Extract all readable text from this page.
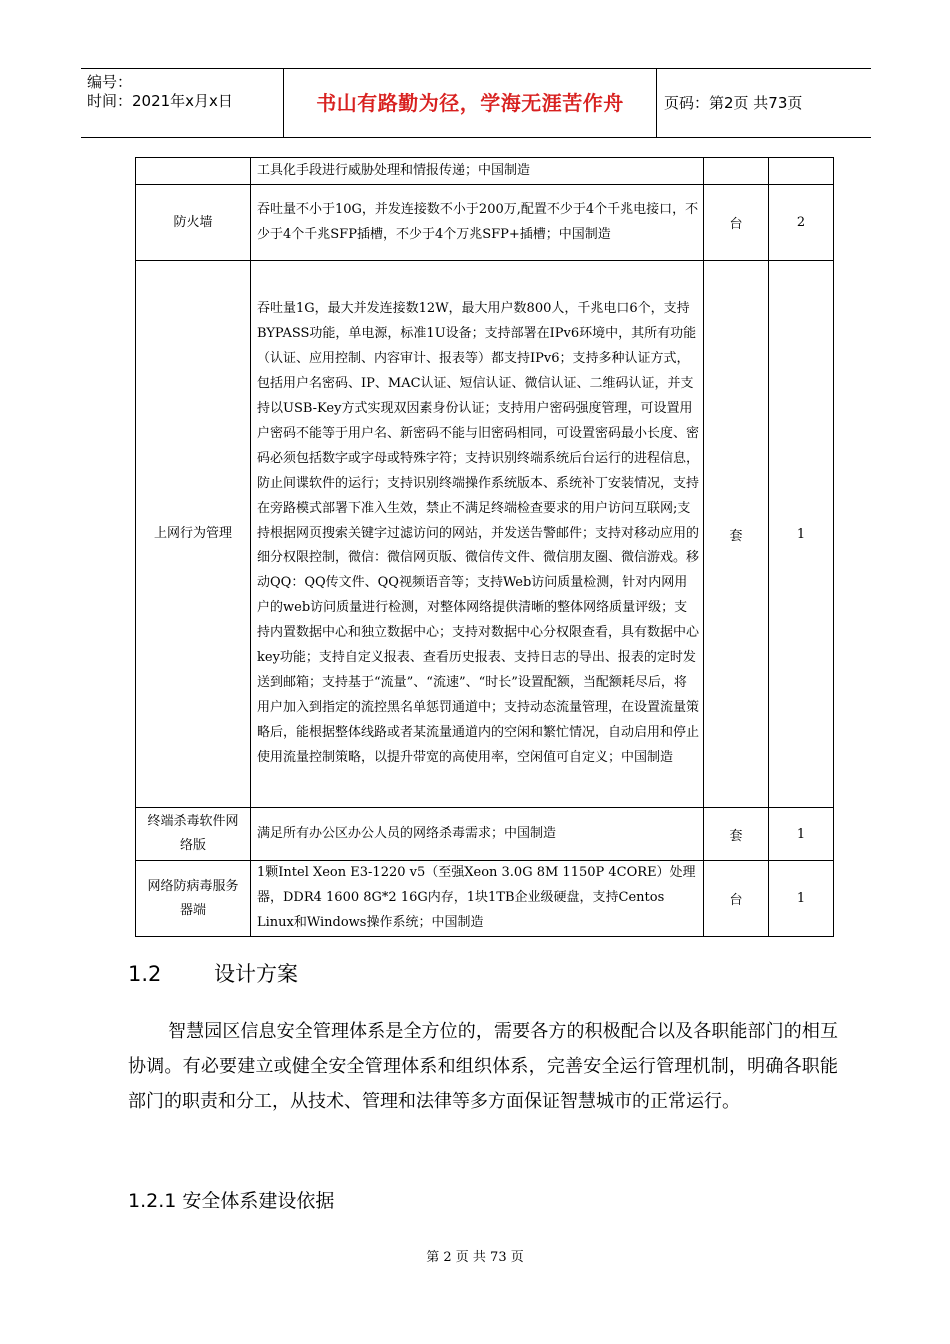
编号：
时间：2021年x月x日	书山有路勤为径，学海无涯苦作舟	页码：第2页 共73页
	工具化手段进行威胁处理和情报传递；中国制造		
防火墙	吞吐量不小于10G，并发连接数不小于200万,配置不少于4个千兆电接口，不少于4个千兆SFP插槽，不少于4个万兆SFP+插槽；中国制造	台	2
上网行为管理	吞吐量1G，最大并发连接数12W，最大用户数800人，千兆电口6个，支持BYPASS功能，单电源，标准1U设备；支持部署在IPv6环境中，其所有功能（认证、应用控制、内容审计、报表等）都支持IPv6；支持多种认证方式，包括用户名密码、IP、MAC认证、短信认证、微信认证、二维码认证，并支持以USB-Key方式实现双因素身份认证；支持用户密码强度管理，可设置用户密码不能等于用户名、新密码不能与旧密码相同，可设置密码最小长度、密码必须包括数字或字母或特殊字符；支持识别终端系统后台运行的进程信息，防止间谍软件的运行；支持识别终端操作系统版本、系统补丁安装情况，支持在旁路模式部署下准入生效，禁止不满足终端检查要求的用户访问互联网;支持根据网页搜索关键字过滤访问的网站，并发送告警邮件；支持对移动应用的细分权限控制，微信：微信网页版、微信传文件、微信朋友圈、微信游戏。移动QQ：QQ传文件、QQ视频语音等；支持Web访问质量检测，针对内网用户的web访问质量进行检测，对整体网络提供清晰的整体网络质量评级；支持内置数据中心和独立数据中心；支持对数据中心分权限查看，具有数据中心key功能；支持自定义报表、查看历史报表、支持日志的导出、报表的定时发送到邮箱；支持基于“流量”、“流速”、“时长”设置配额，当配额耗尽后，将用户加入到指定的流控黑名单惩罚通道中；支持动态流量管理，在设置流量策略后，能根据整体线路或者某流量通道内的空闲和繁忙情况，自动启用和停止使用流量控制策略，以提升带宽的高使用率，空闲值可自定义；中国制造	套	1
终端杀毒软件网络版	满足所有办公区办公人员的网络杀毒需求；中国制造	套	1
网络防病毒服务器端	1颗Intel Xeon E3-1220 v5（至强Xeon 3.0G 8M 1150P 4CORE）处理器，DDR4 1600 8G*2 16G内存，1块1TB企业级硬盘，支持Centos Linux和Windows操作系统；中国制造	台	1
1.2	设计方案

智慧园区信息安全管理体系是全方位的，需要各方的积极配合以及各职能部门的相互协调。有必要建立或健全安全管理体系和组织体系，完善安全运行管理机制，明确各职能部门的职责和分工，从技术、管理和法律等多方面保证智慧城市的正常运行。

1.2.1 安全体系建设依据
第 2 页 共 73 页
